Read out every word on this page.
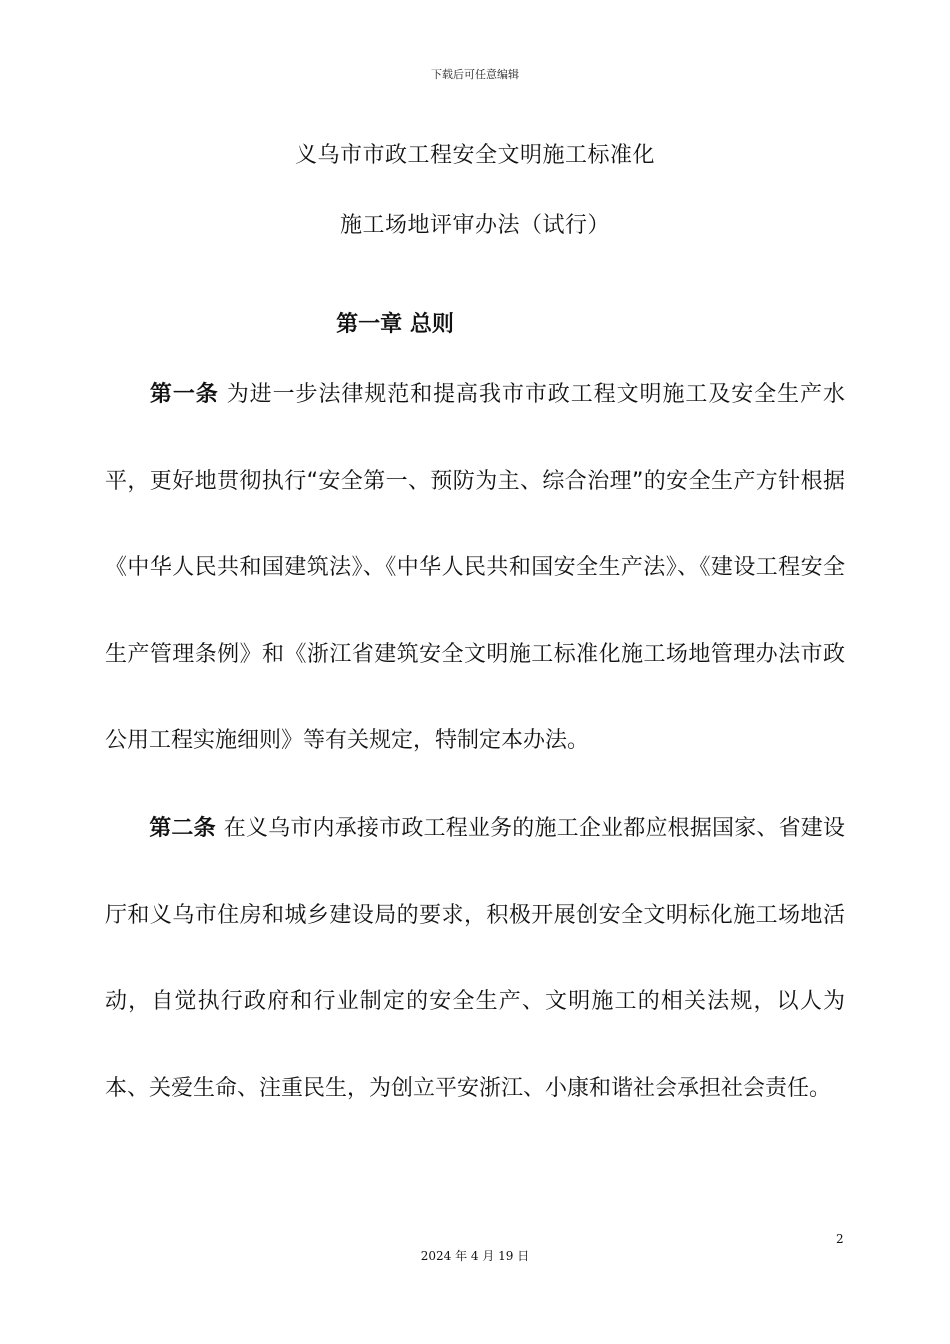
下载后可任意编辑
义乌市市政工程安全文明施工标准化
施工场地评审办法（试行）
第一章 总则
第一条 为进一步法律规范和提高我市市政工程文明施工及安全生产水平，更好地贯彻执行“安全第一、预防为主、综合治理”的安全生产方针根据《中华人民共和国建筑法》、《中华人民共和国安全生产法》、《建设工程安全生产管理条例》和《浙江省建筑安全文明施工标准化施工场地管理办法市政公用工程实施细则》等有关规定，特制定本办法。
第二条 在义乌市内承接市政工程业务的施工企业都应根据国家、省建设厅和义乌市住房和城乡建设局的要求，积极开展创安全文明标化施工场地活动，自觉执行政府和行业制定的安全生产、文明施工的相关法规，以人为本、关爱生命、注重民生，为创立平安浙江、小康和谐社会承担社会责任。
2
2024 年 4 月 19 日
